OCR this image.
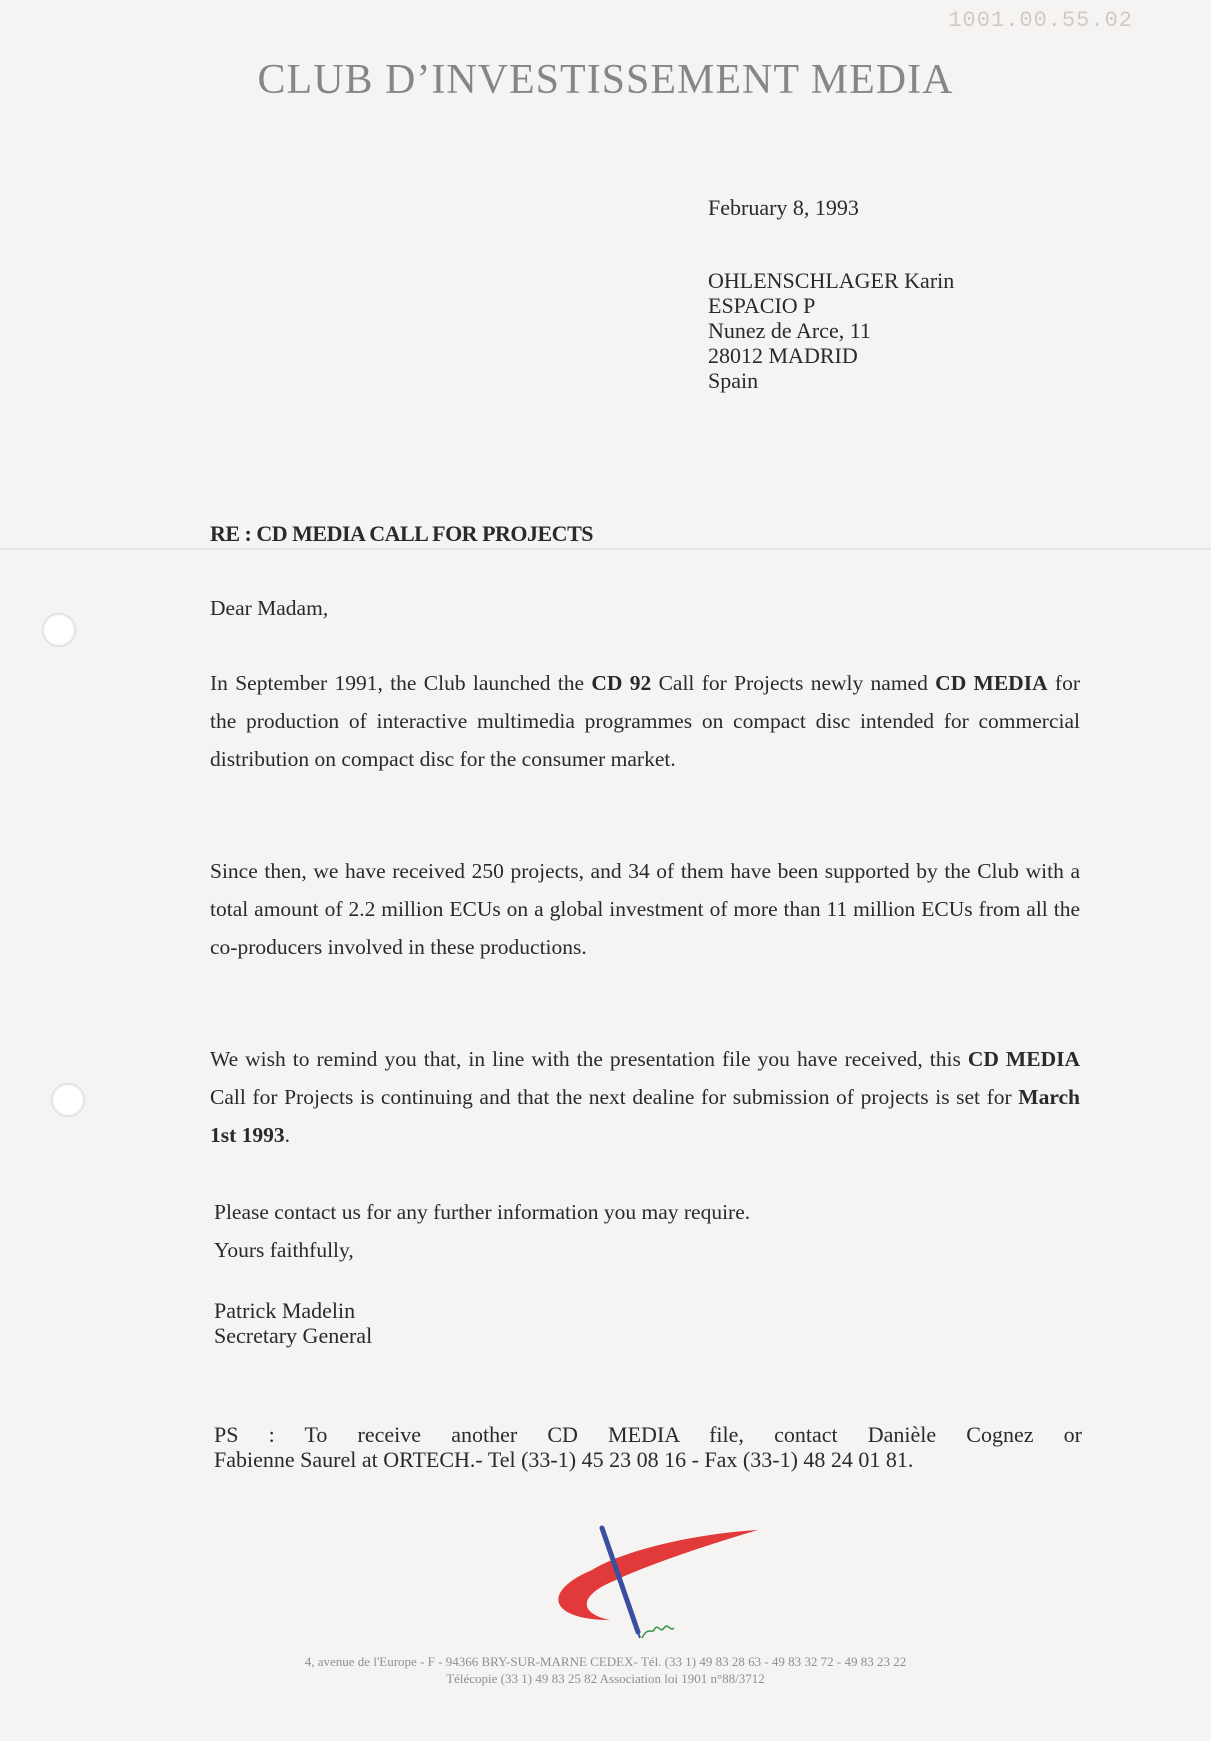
1001.00.55.02
CLUB D’INVESTISSEMENT MEDIA
February 8, 1993
OHLENSCHLAGER Karin
ESPACIO P
Nunez de Arce, 11
28012 MADRID
Spain
RE : CD MEDIA CALL FOR PROJECTS
Dear Madam,

In September 1991, the Club launched the CD 92 Call for Projects newly named CD MEDIA for the production of interactive multimedia programmes on compact disc intended for commercial distribution on compact disc for the consumer market.

Since then, we have received 250 projects, and 34 of them have been supported by the Club with a total amount of 2.2 million ECUs on a global investment of more than 11 million ECUs from all the co-producers involved in these productions.

We wish to remind you that, in line with the presentation file you have received, this CD MEDIA Call for Projects is continuing and that the next dealine for submission of projects is set for March 1st 1993.

Please contact us for any further information you may require.
Yours faithfully,
Patrick Madelin
Secretary General
PS : To receive another CD MEDIA file, contact Danièle Cognez or
Fabienne Saurel at ORTECH.- Tel (33-1) 45 23 08 16 - Fax (33-1) 48 24 01 81.
4, avenue de l'Europe - F - 94366 BRY-SUR-MARNE CEDEX- Tél. (33 1) 49 83 28 63 - 49 83 32 72 - 49 83 23 22
Télécopie (33 1) 49 83 25 82 Association loi 1901 n°88/3712
